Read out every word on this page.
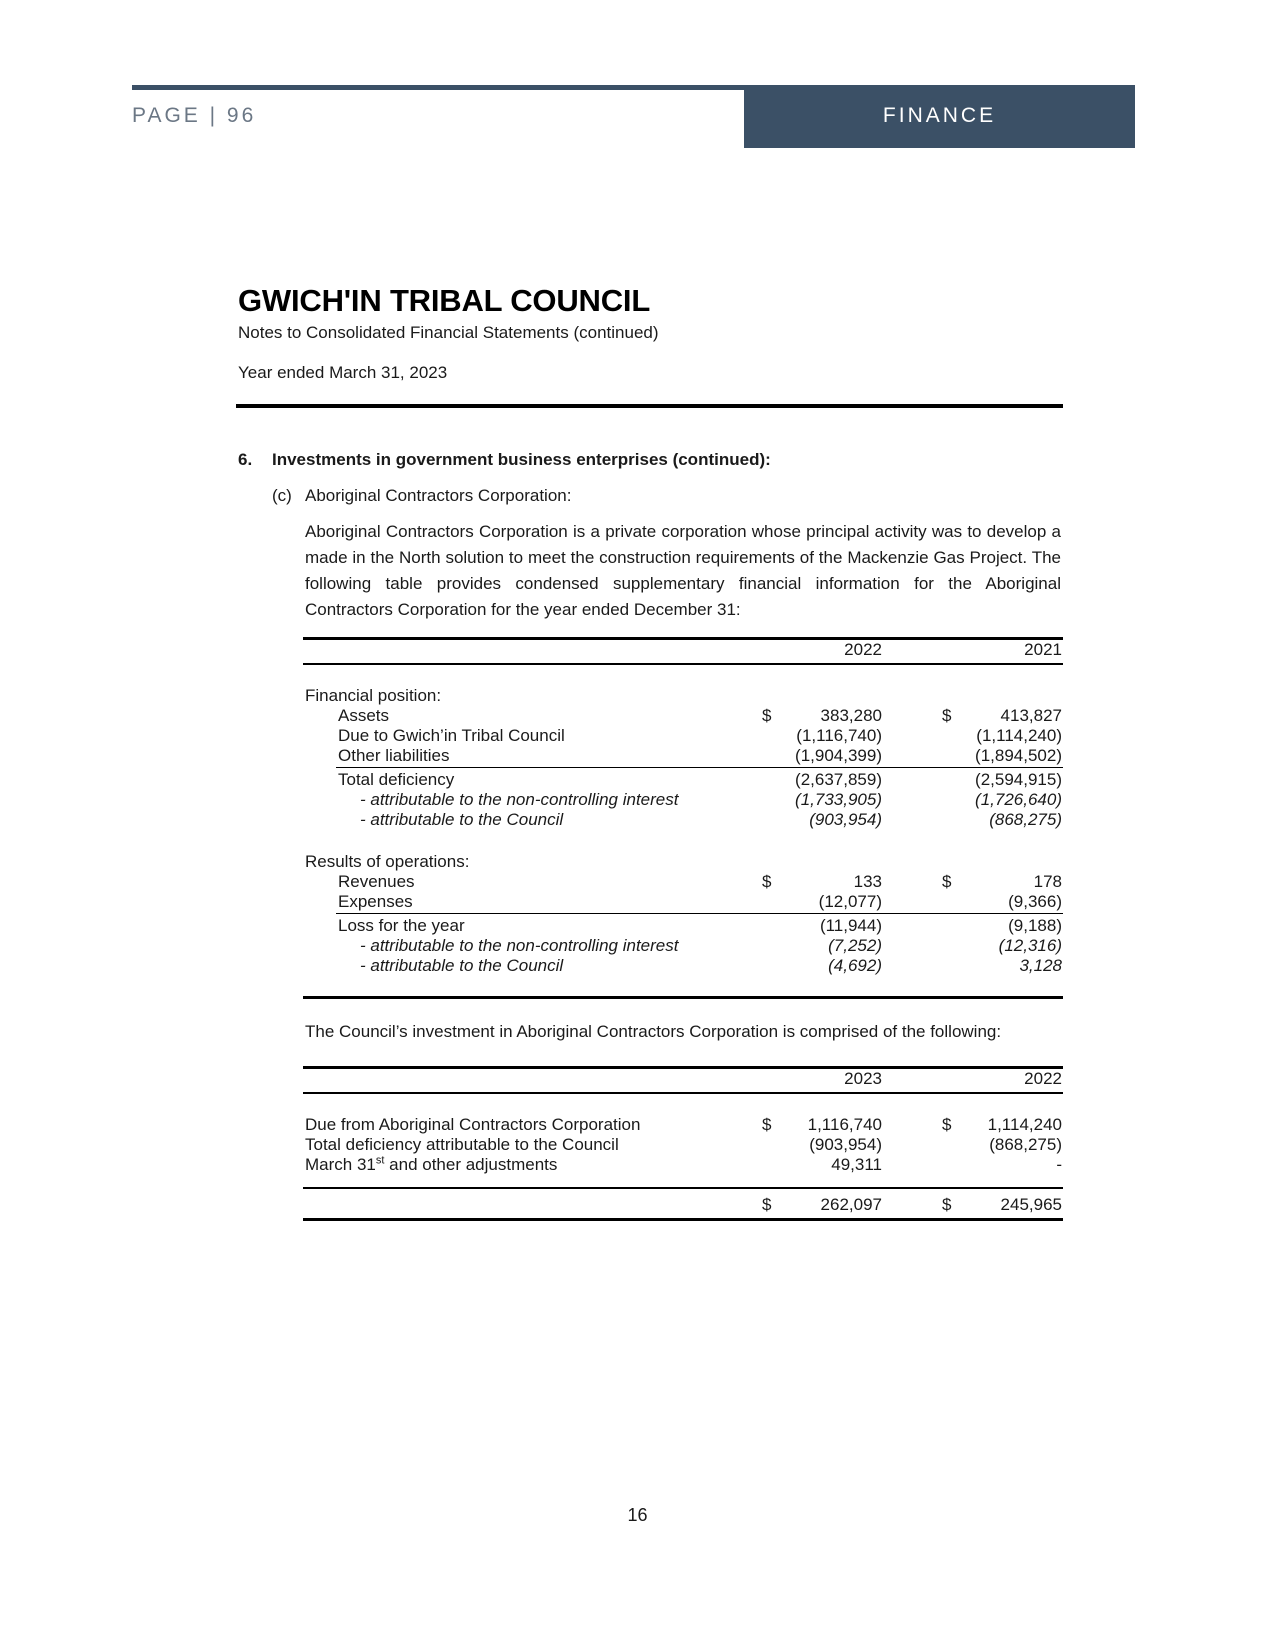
PAGE | 96	FINANCE
GWICH'IN TRIBAL COUNCIL
Notes to Consolidated Financial Statements (continued)
Year ended March 31, 2023
6. Investments in government business enterprises (continued):
(c) Aboriginal Contractors Corporation:
Aboriginal Contractors Corporation is a private corporation whose principal activity was to develop a made in the North solution to meet the construction requirements of the Mackenzie Gas Project. The following table provides condensed supplementary financial information for the Aboriginal Contractors Corporation for the year ended December 31:
2022	2021
Financial position:
Assets	$	383,280	$	413,827
Due to Gwich’in Tribal Council	(1,116,740)	(1,114,240)
Other liabilities	(1,904,399)	(1,894,502)
Total deficiency	(2,637,859)	(2,594,915)
- attributable to the non-controlling interest	(1,733,905)	(1,726,640)
- attributable to the Council	(903,954)	(868,275)
Results of operations:
Revenues	$	133	$	178
Expenses	(12,077)	(9,366)
Loss for the year	(11,944)	(9,188)
- attributable to the non-controlling interest	(7,252)	(12,316)
- attributable to the Council	(4,692)	3,128
The Council’s investment in Aboriginal Contractors Corporation is comprised of the following:
2023	2022
Due from Aboriginal Contractors Corporation	$	1,116,740	$	1,114,240
Total deficiency attributable to the Council	(903,954)	(868,275)
March 31st and other adjustments	49,311	-
$	262,097	$	245,965
16
